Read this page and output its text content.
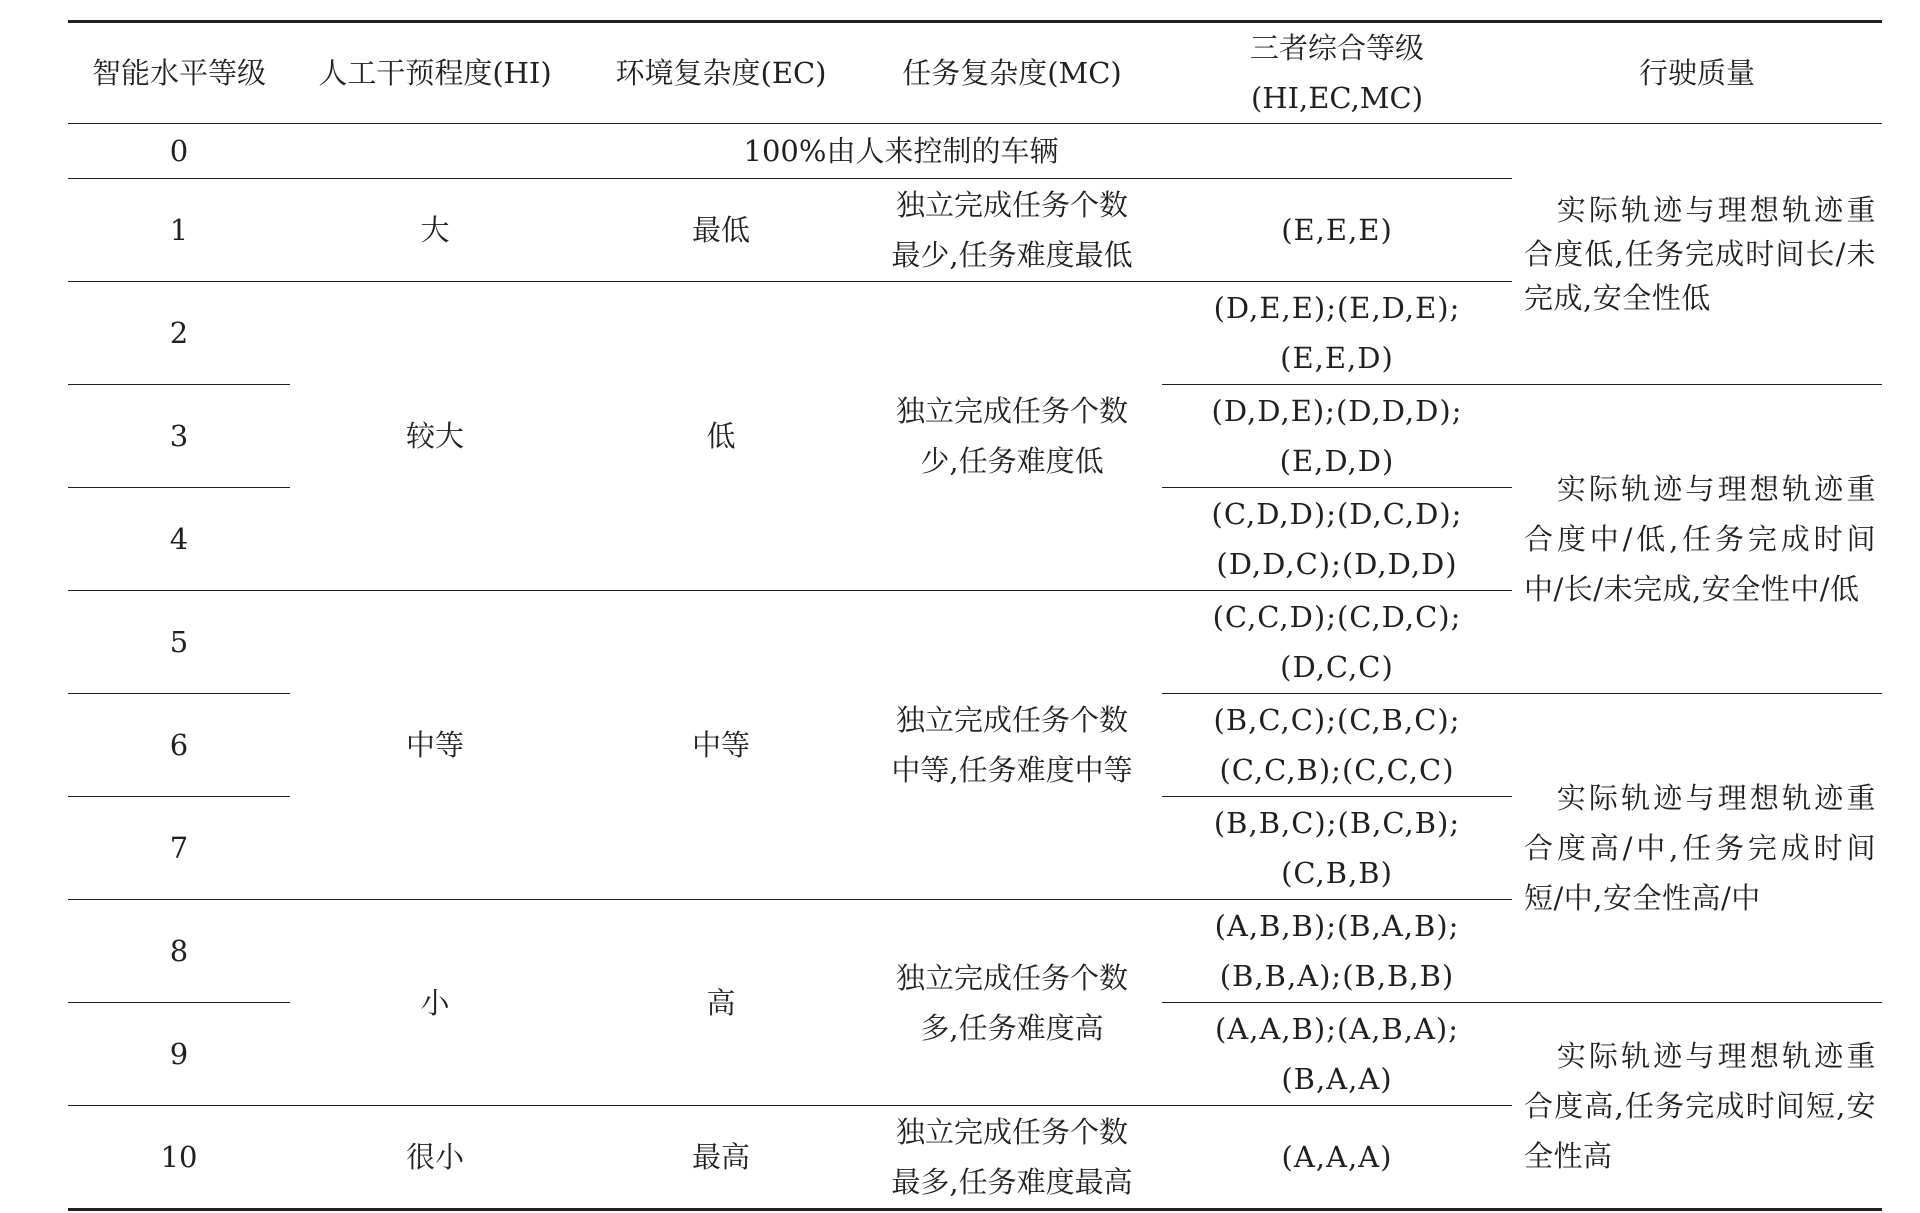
智能水平等级	人工干预程度(HI)	环境复杂度(EC)	任务复杂度(MC)	三者综合等级
(HI,EC,MC)	行驶质量
0	100%由人来控制的车辆				实际轨迹与理想轨迹重合度低,任务完成时间长/未完成,安全性低
1	大	最低	独立完成任务个数
最少,任务难度最低	(E,E,E)	
2	较大	低	独立完成任务个数
少,任务难度低	(D,E,E);(E,D,E);
(E,E,D)	
3				(D,D,E);(D,D,D);
(E,D,D)	实际轨迹与理想轨迹重合度中/低,任务完成时间中/长/未完成,安全性中/低
4				(C,D,D);(D,C,D);
(D,D,C);(D,D,D)	
5	中等	中等	独立完成任务个数
中等,任务难度中等	(C,C,D);(C,D,C);
(D,C,C)	
6				(B,C,C);(C,B,C);
(C,C,B);(C,C,C)	实际轨迹与理想轨迹重合度高/中,任务完成时间短/中,安全性高/中
7				(B,B,C);(B,C,B);
(C,B,B)	
8	小	高	独立完成任务个数
多,任务难度高	(A,B,B);(B,A,B);
(B,B,A);(B,B,B)	
9				(A,A,B);(A,B,A);
(B,A,A)	实际轨迹与理想轨迹重合度高,任务完成时间短,安全性高
10	很小	最高	独立完成任务个数
最多,任务难度最高	(A,A,A)	
